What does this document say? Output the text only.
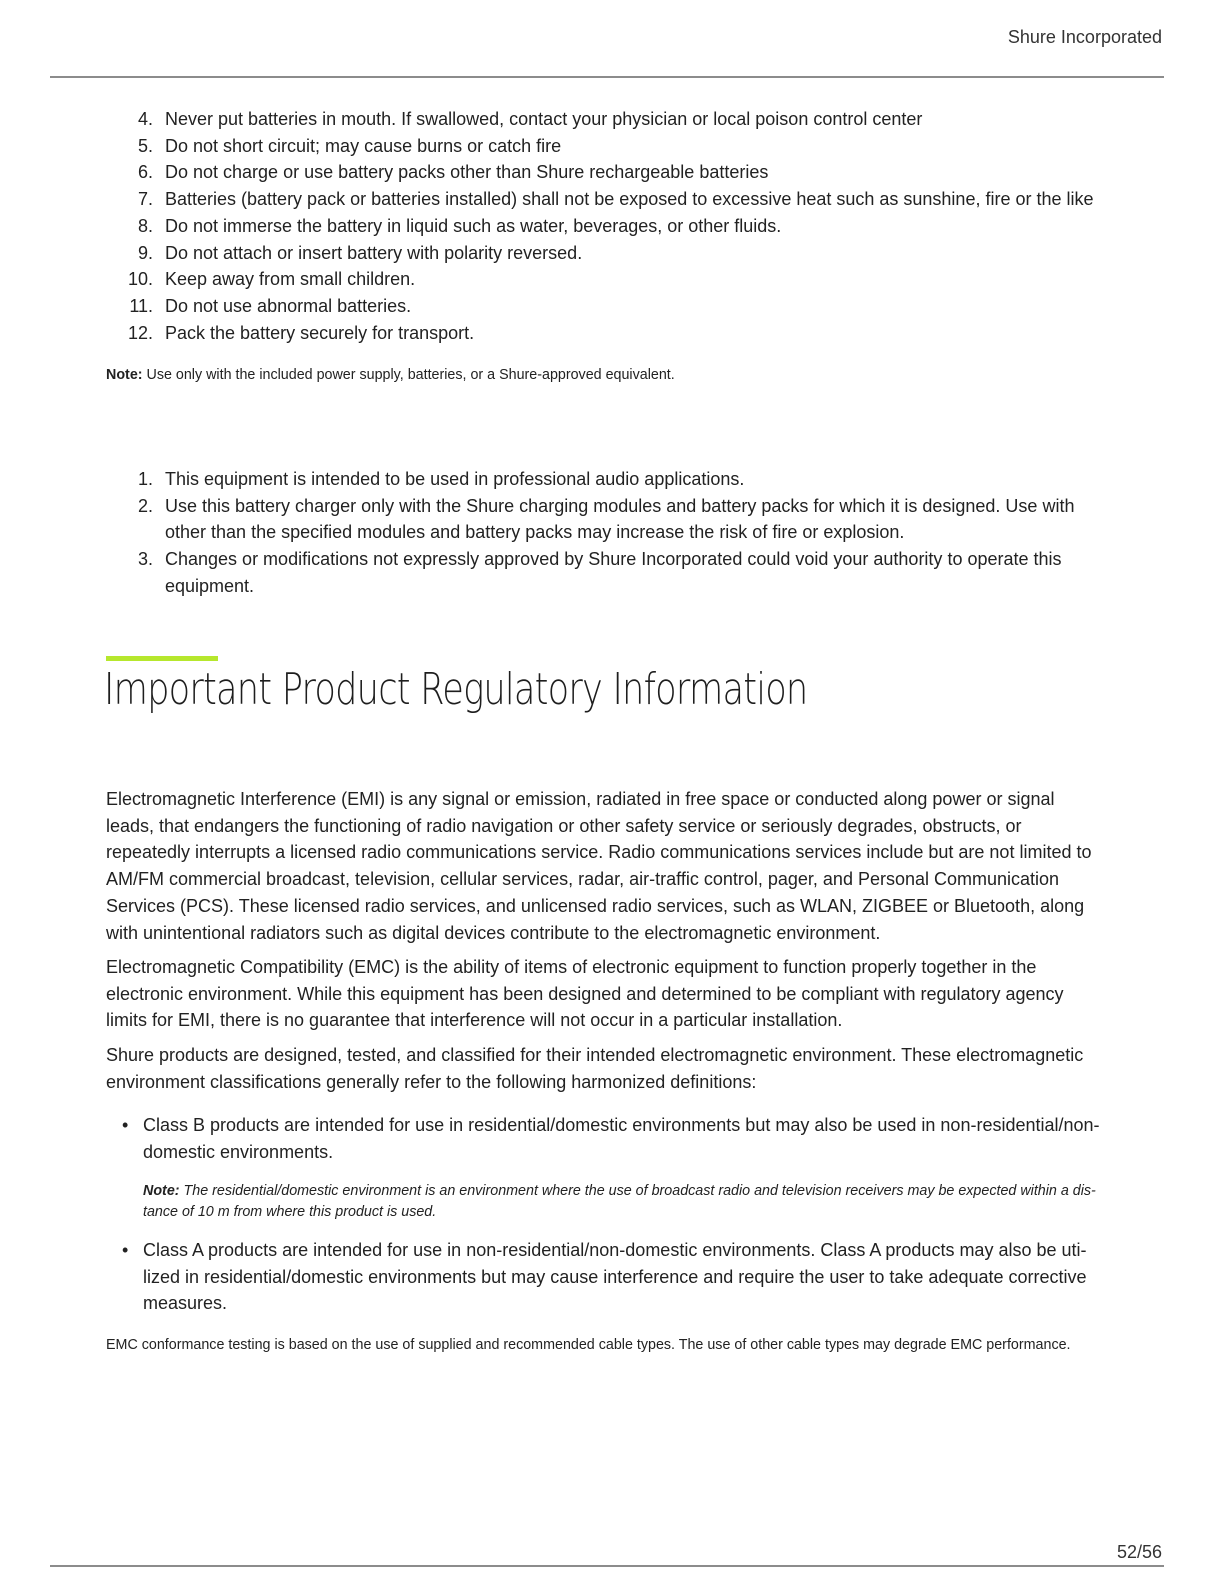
Shure Incorporated
4. Never put batteries in mouth. If swallowed, contact your physician or local poison control center
5. Do not short circuit; may cause burns or catch fire
6. Do not charge or use battery packs other than Shure rechargeable batteries
7. Batteries (battery pack or batteries installed) shall not be exposed to excessive heat such as sunshine, fire or the like
8. Do not immerse the battery in liquid such as water, beverages, or other fluids.
9. Do not attach or insert battery with polarity reversed.
10. Keep away from small children.
11. Do not use abnormal batteries.
12. Pack the battery securely for transport.
Note: Use only with the included power supply, batteries, or a Shure-approved equivalent.
1. This equipment is intended to be used in professional audio applications.
2. Use this battery charger only with the Shure charging modules and battery packs for which it is designed. Use with other than the specified modules and battery packs may increase the risk of fire or explosion.
3. Changes or modifications not expressly approved by Shure Incorporated could void your authority to operate this equipment.
Important Product Regulatory Information

Electromagnetic Interference (EMI) is any signal or emission, radiated in free space or conducted along power or signal leads, that endangers the functioning of radio navigation or other safety service or seriously degrades, obstructs, or repeatedly interrupts a licensed radio communications service. Radio communications services include but are not limited to AM/FM commercial broadcast, television, cellular services, radar, air-traffic control, pager, and Personal Communication Services (PCS). These licensed radio services, and unlicensed radio services, such as WLAN, ZIGBEE or Bluetooth, along with unintentional radiators such as digital devices contribute to the electromagnetic environment.

Electromagnetic Compatibility (EMC) is the ability of items of electronic equipment to function properly together in the electronic environment. While this equipment has been designed and determined to be compliant with regulatory agency limits for EMI, there is no guarantee that interference will not occur in a particular installation.

Shure products are designed, tested, and classified for their intended electromagnetic environment. These electromagnetic environment classifications generally refer to the following harmonized definitions:

• Class B products are intended for use in residential/domestic environments but may also be used in non-residential/non-domestic environments.
Note: The residential/domestic environment is an environment where the use of broadcast radio and television receivers may be expected within a distance of 10 m from where this product is used.
• Class A products are intended for use in non-residential/non-domestic environments. Class A products may also be utilized in residential/domestic environments but may cause interference and require the user to take adequate corrective measures.
EMC conformance testing is based on the use of supplied and recommended cable types. The use of other cable types may degrade EMC performance.
52/56
